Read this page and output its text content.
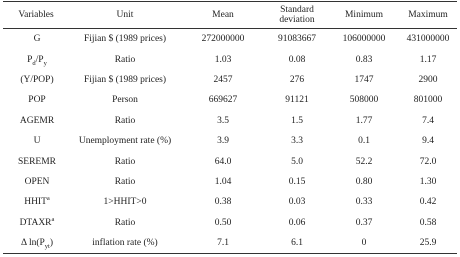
Variables	Unit	Mean	Standard deviation	Minimum	Maximum
G	Fijian $ (1989 prices)	272000000	91083667	106000000	431000000
$P_d/P_y$	Ratio	1.03	0.08	0.83	1.17
(Y/POP)	Fijian $ (1989 prices)	2457	276	1747	2900
POP	Person	669627	91121	508000	801000
AGEMR	Ratio	3.5	1.5	1.77	7.4
U	Unemployment rate (%)	3.9	3.3	0.1	9.4
SEREMR	Ratio	64.0	5.0	52.2	72.0
OPEN	Ratio	1.04	0.15	0.80	1.30
HHIT$^a$	1>HHIT>0	0.38	0.03	0.33	0.42
DTAXR$^a$	Ratio	0.50	0.06	0.37	0.58
Δ $\ln(P_{yt})$	inflation rate (%)	7.1	6.1	0	25.9
